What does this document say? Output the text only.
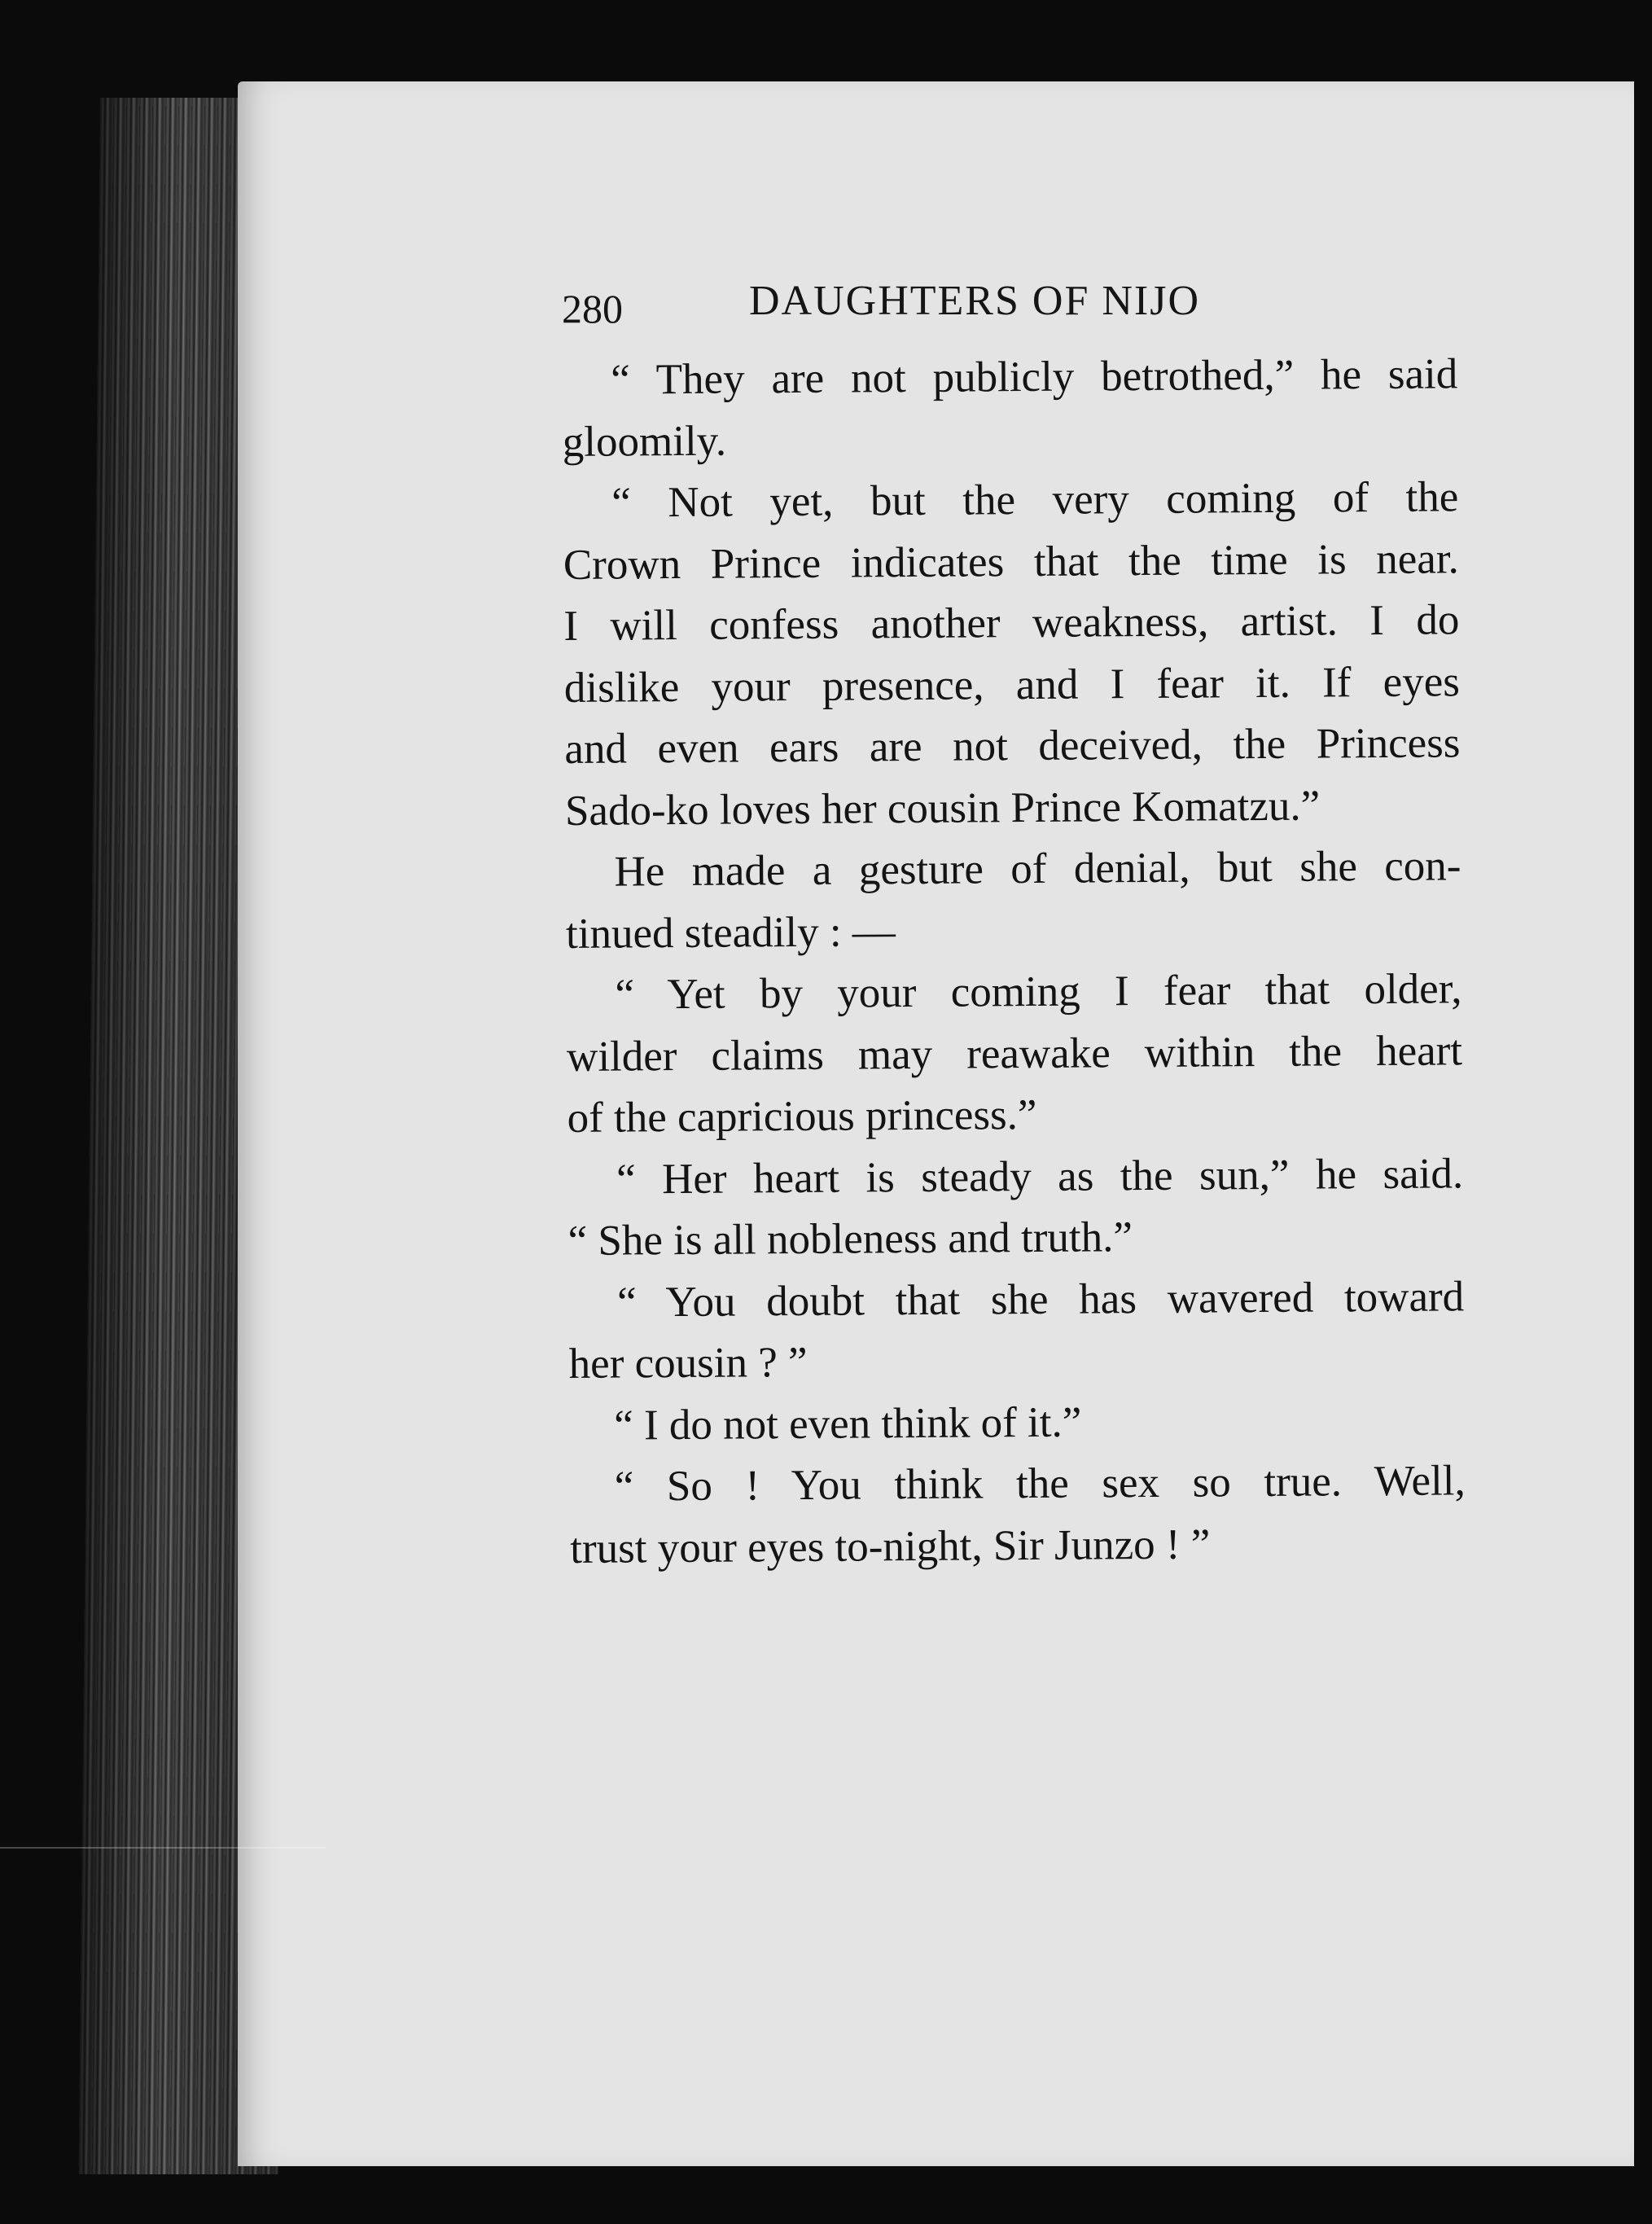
280	DAUGHTERS OF NIJO
“ They are not publicly betrothed,” he said
gloomily.
“ Not yet, but the very coming of the
Crown Prince indicates that the time is near.
I will confess another weakness, artist. I do
dislike your presence, and I fear it. If eyes
and even ears are not deceived, the Princess
Sado-ko loves her cousin Prince Komatzu.”
He made a gesture of denial, but she con-
tinued steadily : —
“ Yet by your coming I fear that older,
wilder claims may reawake within the heart
of the capricious princess.”
“ Her heart is steady as the sun,” he said.
“ She is all nobleness and truth.”
“ You doubt that she has wavered toward
her cousin ? ”
“ I do not even think of it.”
“ So ! You think the sex so true. Well,
trust your eyes to-night, Sir Junzo ! ”
